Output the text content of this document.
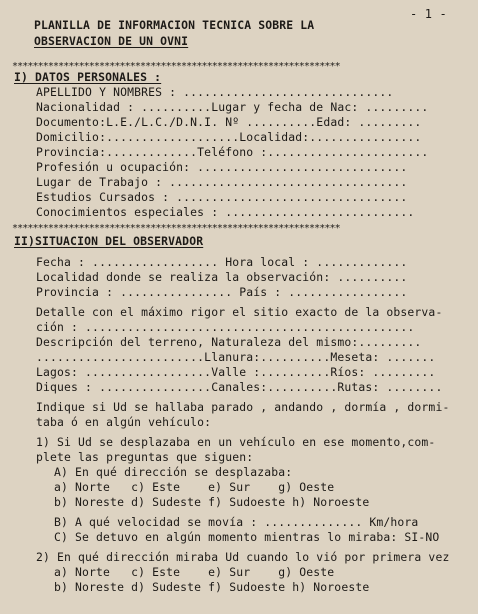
- 1 -
PLANILLA DE INFORMACION TECNICA SOBRE LA
OBSERVACION DE UN OVNI
****************************************************************
I) DATOS PERSONALES :
APELLIDO Y NOMBRES : ..............................
Nacionalidad : ..........Lugar y fecha de Nac: .........
Documento:L.E./L.C./D.N.I. Nº ..........Edad: .........
Domicilio:...................Localidad:................
Provincia:.............Teléfono :.......................
Profesión u ocupación: ..............................
Lugar de Trabajo : ..................................
Estudios Cursados : .................................
Conocimientos especiales : ...........................
****************************************************************
II)SITUACION DEL OBSERVADOR
Fecha : .................. Hora local : .............
Localidad donde se realiza la observación: ..........
Provincia : ................ País : .................
Detalle con el máximo rigor el sitio exacto de la observa-
ción : ...............................................
Descripción del terreno, Naturaleza del mismo:.........
........................Llanura:..........Meseta: .......
Lagos: ..................Valle :..........Ríos: .........
Diques : ................Canales:..........Rutas: ........
Indique si Ud se hallaba parado , andando , dormía , dormi-
taba ó en algún vehículo:
1) Si Ud se desplazaba en un vehículo en ese momento,com-
plete las preguntas que siguen:
A) En qué dirección se desplazaba:
a) Norte   c) Este    e) Sur    g) Oeste
b) Noreste d) Sudeste f) Sudoeste h) Noroeste
B) A qué velocidad se movía : .............. Km/hora
C) Se detuvo en algún momento mientras lo miraba: SI-NO
2) En qué dirección miraba Ud cuando lo vió por primera vez
a) Norte   c) Este    e) Sur    g) Oeste
b) Noreste d) Sudeste f) Sudoeste h) Noroeste
